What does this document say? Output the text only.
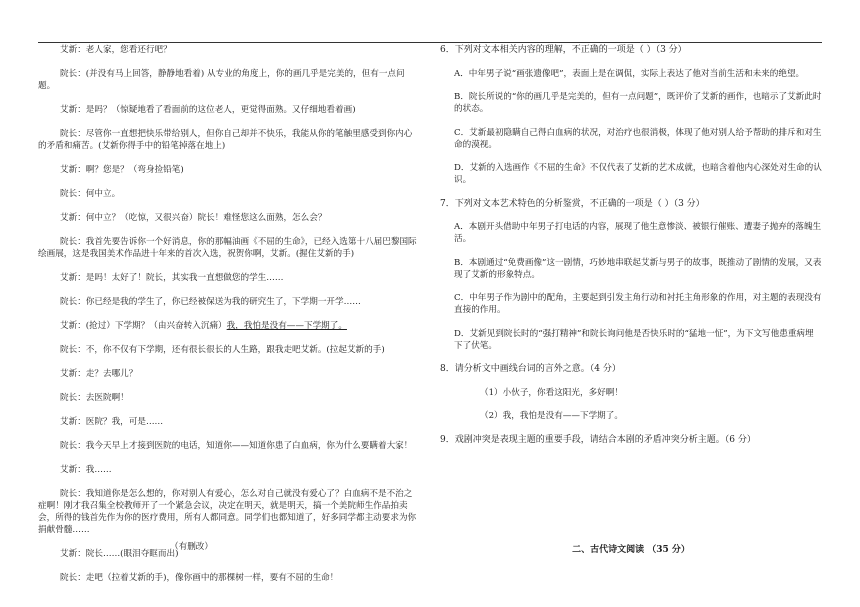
艾新：老人家，您看还行吧？

院长：(并没有马上回答，静静地看着) 从专业的角度上，你的画几乎是完美的，但有一点问题。

艾新：是吗？（惊疑地看了看面前的这位老人，更觉得面熟。又仔细地看着画)

院长：尽管你一直想把快乐带给别人，但你自己却并不快乐，我能从你的笔触里感受到你内心的矛盾和痛苦。(艾新你得手中的铅笔掉落在地上)

艾新：啊？您是？（弯身捡铅笔)

院长：何中立。

艾新：何中立？（吃惊，又很兴奋）院长！难怪您这么面熟，怎么会？

院长：我首先要告诉你一个好消息，你的那幅油画《不屈的生命》，已经入选第十八届巴黎国际绘画展，这是我国美术作品进十年来的首次入选，祝贺你啊，艾新。(握住艾新的手)

艾新：是吗！太好了！院长，其实我一直想做您的学生……

院长：你已经是我的学生了，你已经被保送为我的研究生了，下学期一开学……

艾新：(抢过）下学期？（由兴奋转入沉痛）我，我怕是没有——下学期了。

院长：不，你不仅有下学期，还有很长很长的人生路，跟我走吧艾新。(拉起艾新的手)

艾新：走？去哪儿？

院长：去医院啊！

艾新：医院？我，可是……

院长：我今天早上才接到医院的电话，知道你——知道你患了白血病，你为什么要瞒着大家！

艾新：我……

院长：我知道你是怎么想的，你对别人有爱心，怎么对自己就没有爱心了？白血病不是不治之症啊！刚才我召集全校教师开了一个紧急会议，决定在明天，就是明天，搞一个美院师生作品拍卖会，所得的钱首先作为你的医疗费用，所有人都同意。同学们也都知道了，好多同学都主动要求为你捐献骨髓……

艾新：院长……(眼泪夺眶而出)

院长：走吧（拉着艾新的手)，像你画中的那棵树一样，要有不屈的生命！

（有删改）
6．下列对文本相关内容的理解，不正确的一项是（ ）（3 分）
A．中年男子说“画张遗像吧”，表面上是在调侃，实际上表达了他对当前生活和未来的绝望。
B．院长所说的“你的画几乎是完美的，但有一点问题”，既评价了艾新的画作，也暗示了艾新此时的状态。
C．艾新最初隐瞒自己得白血病的状况，对治疗也很消极，体现了他对别人给予帮助的排斥和对生命的漠视。
D．艾新的入选画作《不屈的生命》不仅代表了艾新的艺术成就，也暗含着他内心深处对生命的认识。
7．下列对文本艺术特色的分析鉴赏，不正确的一项是（ ）（3 分）
A．本剧开头借助中年男子打电话的内容，展现了他生意惨淡、被银行催账、遭妻子抛弃的落魄生活。
B．本剧通过“免费画像”这一剧情，巧妙地串联起艾新与男子的故事，既推动了剧情的发展，又表现了艾新的形象特点。
C．中年男子作为剧中的配角，主要起到引发主角行动和衬托主角形象的作用，对主题的表现没有直接的作用。
D．艾新见到院长时的“强打精神”和院长询问他是否快乐时的“猛地一怔”，为下文写他患重病埋下了伏笔。
8．请分析文中画线台词的言外之意。（4 分）
（1）小伙子，你看这阳光，多好啊！
（2）我，我怕是没有——下学期了。
9．戏剧冲突是表现主题的重要手段，请结合本剧的矛盾冲突分析主题。（6 分）
二、古代诗文阅读 （35 分）
